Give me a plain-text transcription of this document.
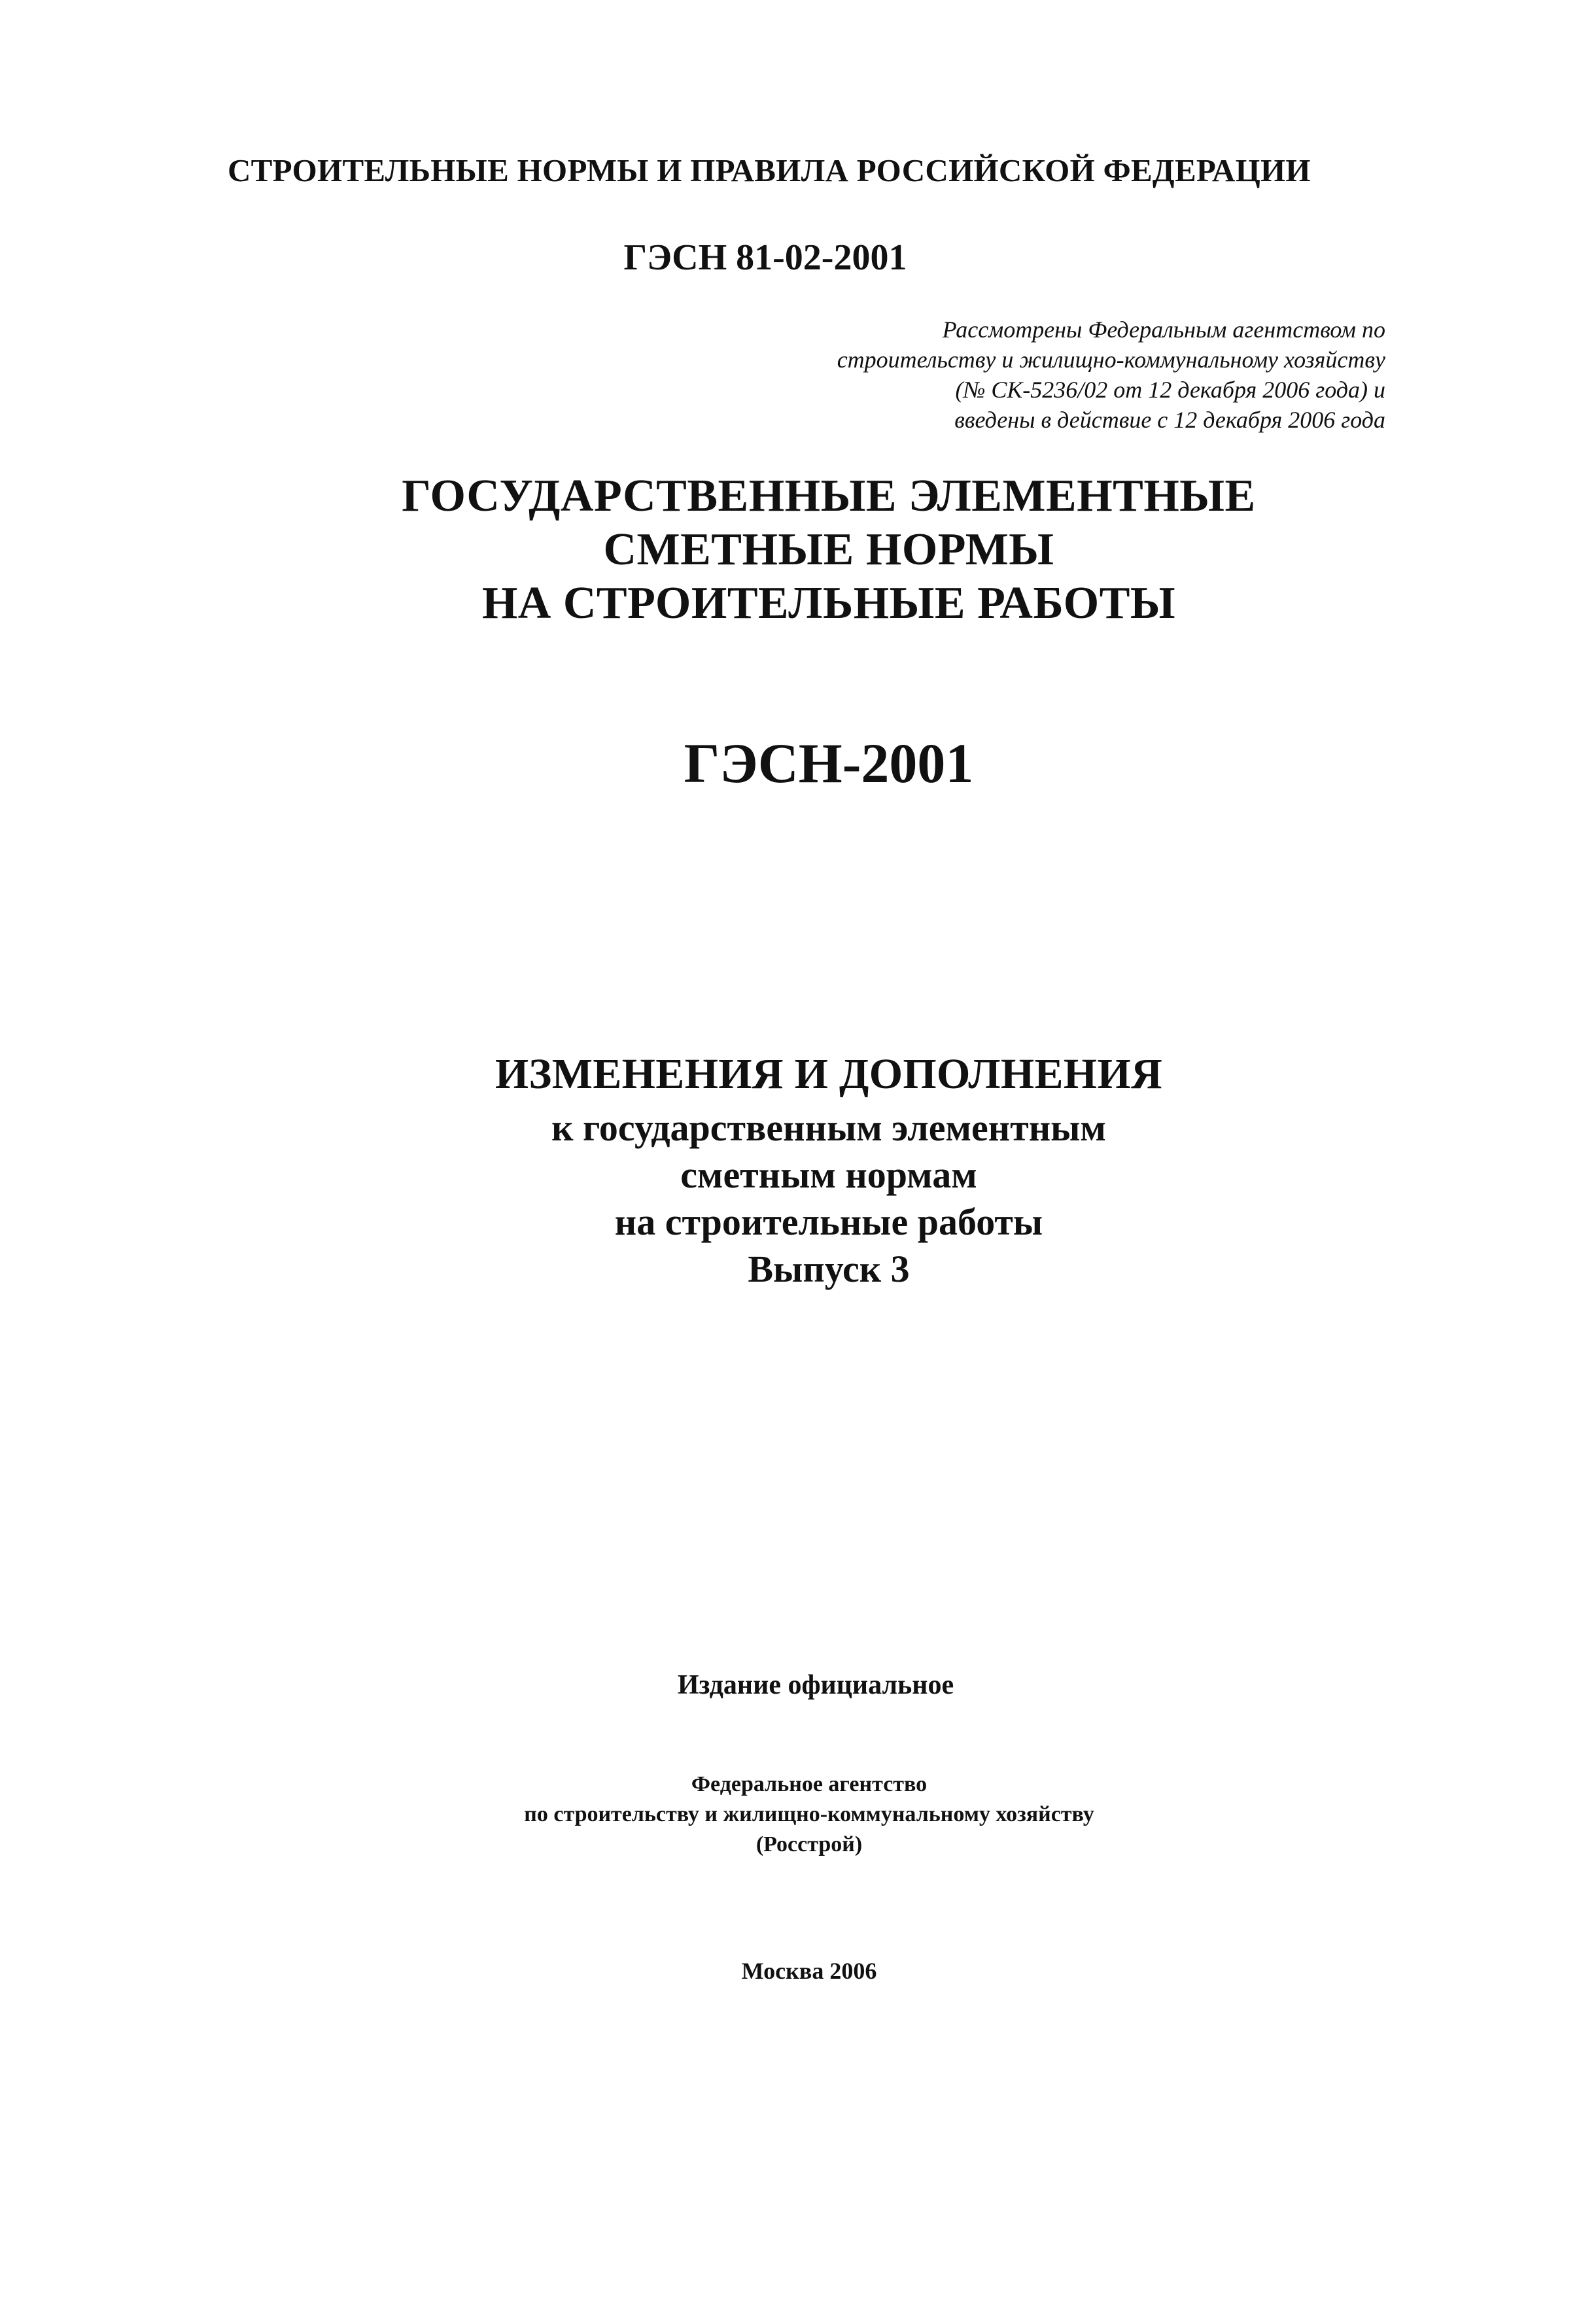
СТРОИТЕЛЬНЫЕ НОРМЫ И ПРАВИЛА РОССИЙСКОЙ ФЕДЕРАЦИИ
ГЭСН 81-02-2001
Рассмотрены Федеральным агентством по
строительству и жилищно-коммунальному хозяйству
(№ СК-5236/02 от 12 декабря 2006 года) и
введены в действие с 12 декабря 2006 года
ГОСУДАРСТВЕННЫЕ ЭЛЕМЕНТНЫЕ
СМЕТНЫЕ НОРМЫ
НА СТРОИТЕЛЬНЫЕ РАБОТЫ
ГЭСН-2001
ИЗМЕНЕНИЯ И ДОПОЛНЕНИЯ
к государственным элементным
сметным нормам
на строительные работы
Выпуск 3
Издание официальное
Федеральное агентство
по строительству и жилищно-коммунальному хозяйству
(Росстрой)
Москва 2006
